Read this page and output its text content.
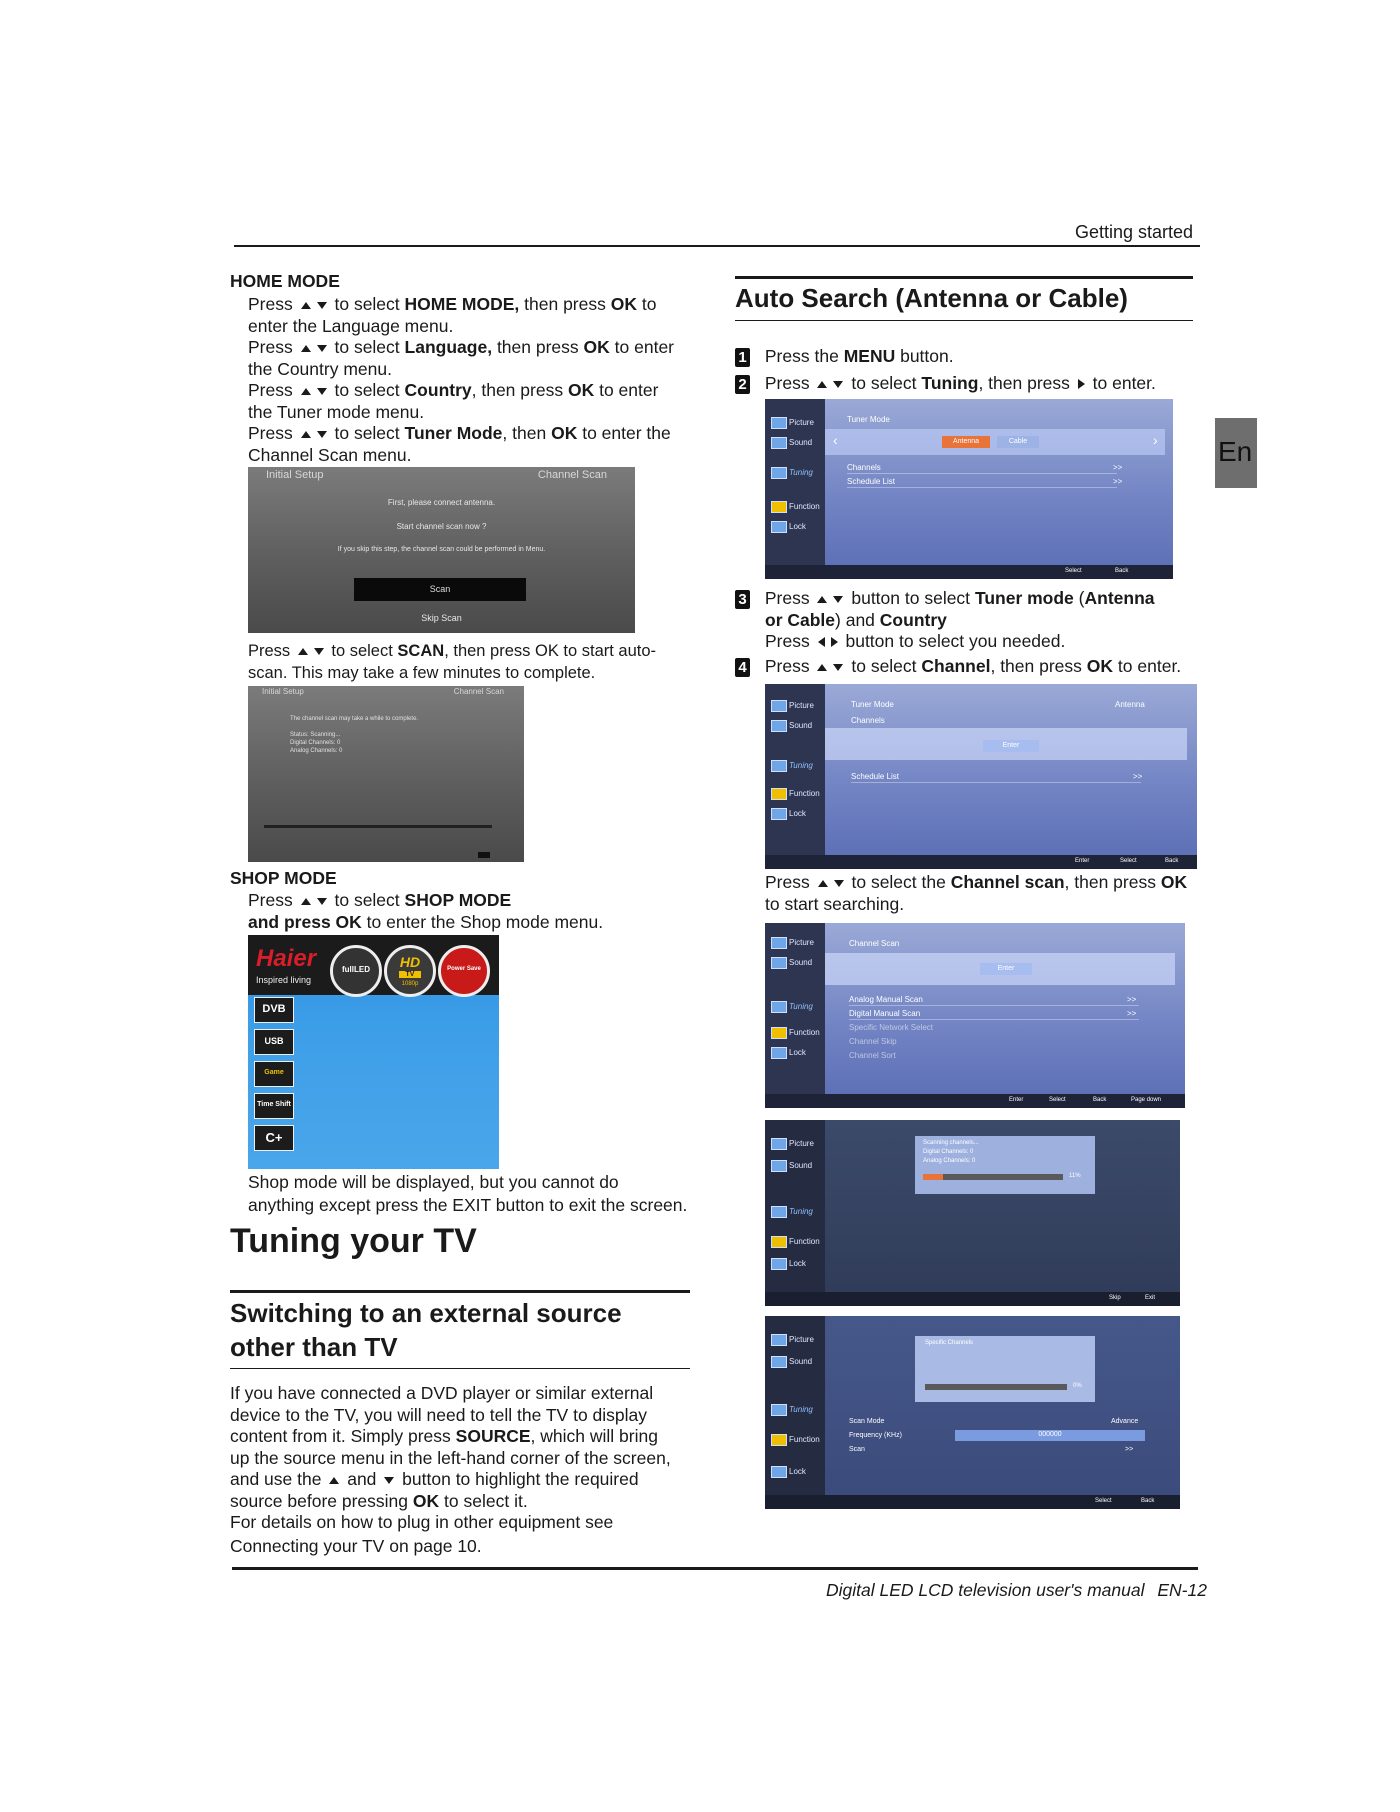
Getting started
En
HOME MODE
Press to select HOME MODE, then press OK to
enter the Language menu.
Press to select Language, then press OK to enter
the Country menu.
Press to select Country, then press OK to enter
the Tuner mode menu.
Press to select Tuner Mode, then OK to enter the
Channel Scan menu.
Initial Setup	Channel Scan
First, please connect antenna.
Start channel scan now ?
If you skip this step, the channel scan could be performed in Menu.
Scan
Skip Scan
Press to select SCAN, then press OK to start auto-
scan. This may take a few minutes to complete.
Initial Setup	Channel Scan
The channel scan may take a while to complete.
Status: Scanning...
Digital Channels: 0
Analog Channels: 0
SHOP MODE
Press to select SHOP MODE
and press OK to enter the Shop mode menu.
Haier
Inspired living
fullLED	HD
TV
1080p
Power Save
DVB
USB
Game
Time Shift
C+
Shop mode will be displayed, but you cannot do
anything except press the EXIT button to exit the screen.
Tuning your TV
Switching to an external source
other than TV
If you have connected a DVD player or similar external
device to the TV, you will need to tell the TV to display
content from it. Simply press SOURCE, which will bring
up the source menu in the left-hand corner of the screen,
and use the and button to highlight the required
source before pressing OK to select it.
For details on how to plug in other equipment see
Connecting your TV on page 10.
Auto Search (Antenna or Cable)
1 Press the MENU button.
2 Press to select Tuning, then press to enter.
Picture
Sound
Tuning
Function
Lock
Tuner Mode
‹	›
Antenna	Cable
Channels	>>
Schedule List	>>
Select	Back
3 Press button to select Tuner mode (Antenna
or Cable) and Country
Press button to select you needed.
4 Press to select Channel, then press OK to enter.
Picture
Sound
Tuning
Function
Lock
Tuner Mode	Antenna
Channels
Enter
Schedule List	>>
Enter	Select	Back
Press to select the Channel scan, then press OK
to start searching.
Picture
Sound
Tuning
Function
Lock
Channel Scan
Enter
Analog Manual Scan	>>
Digital Manual Scan	>>
Specific Network Select
Channel Skip
Channel Sort
Enter	Select	Back	Page down
Picture
Sound
Tuning
Function
Lock
Scanning channels...
Digital Channels: 0
Analog Channels: 0
11%
Skip	Exit
Picture
Sound
Tuning
Function
Lock
Specific Channels
0%
Scan Mode	Advance
Frequency (KHz)	000000
Scan	>>
Select	Back
Digital LED LCD television user's manual EN-12
